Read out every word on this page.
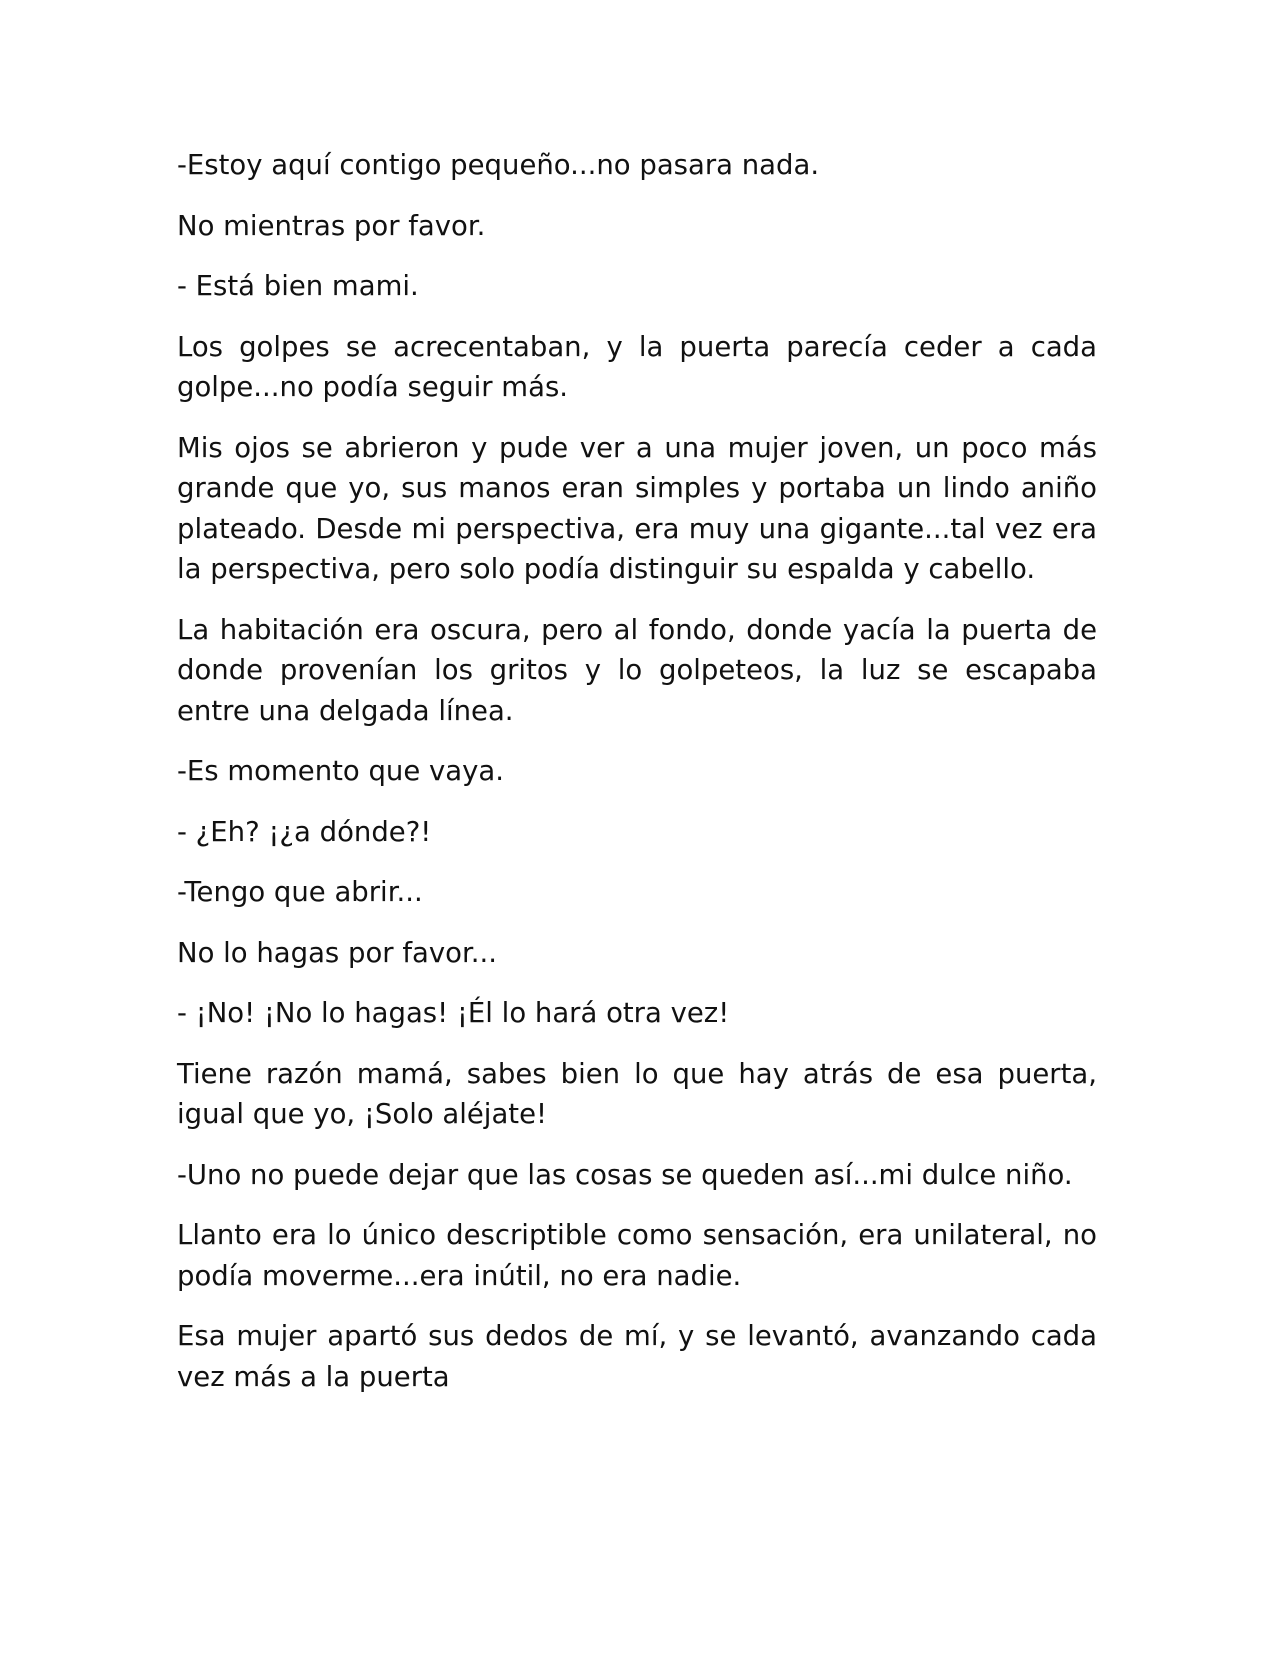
-Estoy aquí contigo pequeño...no pasara nada.

No mientras por favor.

- Está bien mami.

Los golpes se acrecentaban, y la puerta parecía ceder a cada golpe...no podía seguir más.

Mis ojos se abrieron y pude ver a una mujer joven, un poco más grande que yo, sus manos eran simples y portaba un lindo aniño plateado. Desde mi perspectiva, era muy una gigante...tal vez era la perspectiva, pero solo podía distinguir su espalda y cabello.

La habitación era oscura, pero al fondo, donde yacía la puerta de donde provenían los gritos y lo golpeteos, la luz se escapaba entre una delgada línea.

-Es momento que vaya.

- ¿Eh? ¡¿a dónde?!

-Tengo que abrir...

No lo hagas por favor...

- ¡No! ¡No lo hagas! ¡Él lo hará otra vez!

Tiene razón mamá, sabes bien lo que hay atrás de esa puerta, igual que yo, ¡Solo aléjate!

-Uno no puede dejar que las cosas se queden así...mi dulce niño.

Llanto era lo único descriptible como sensación, era unilateral, no podía moverme...era inútil, no era nadie.

Esa mujer apartó sus dedos de mí, y se levantó, avanzando cada vez más a la puerta
